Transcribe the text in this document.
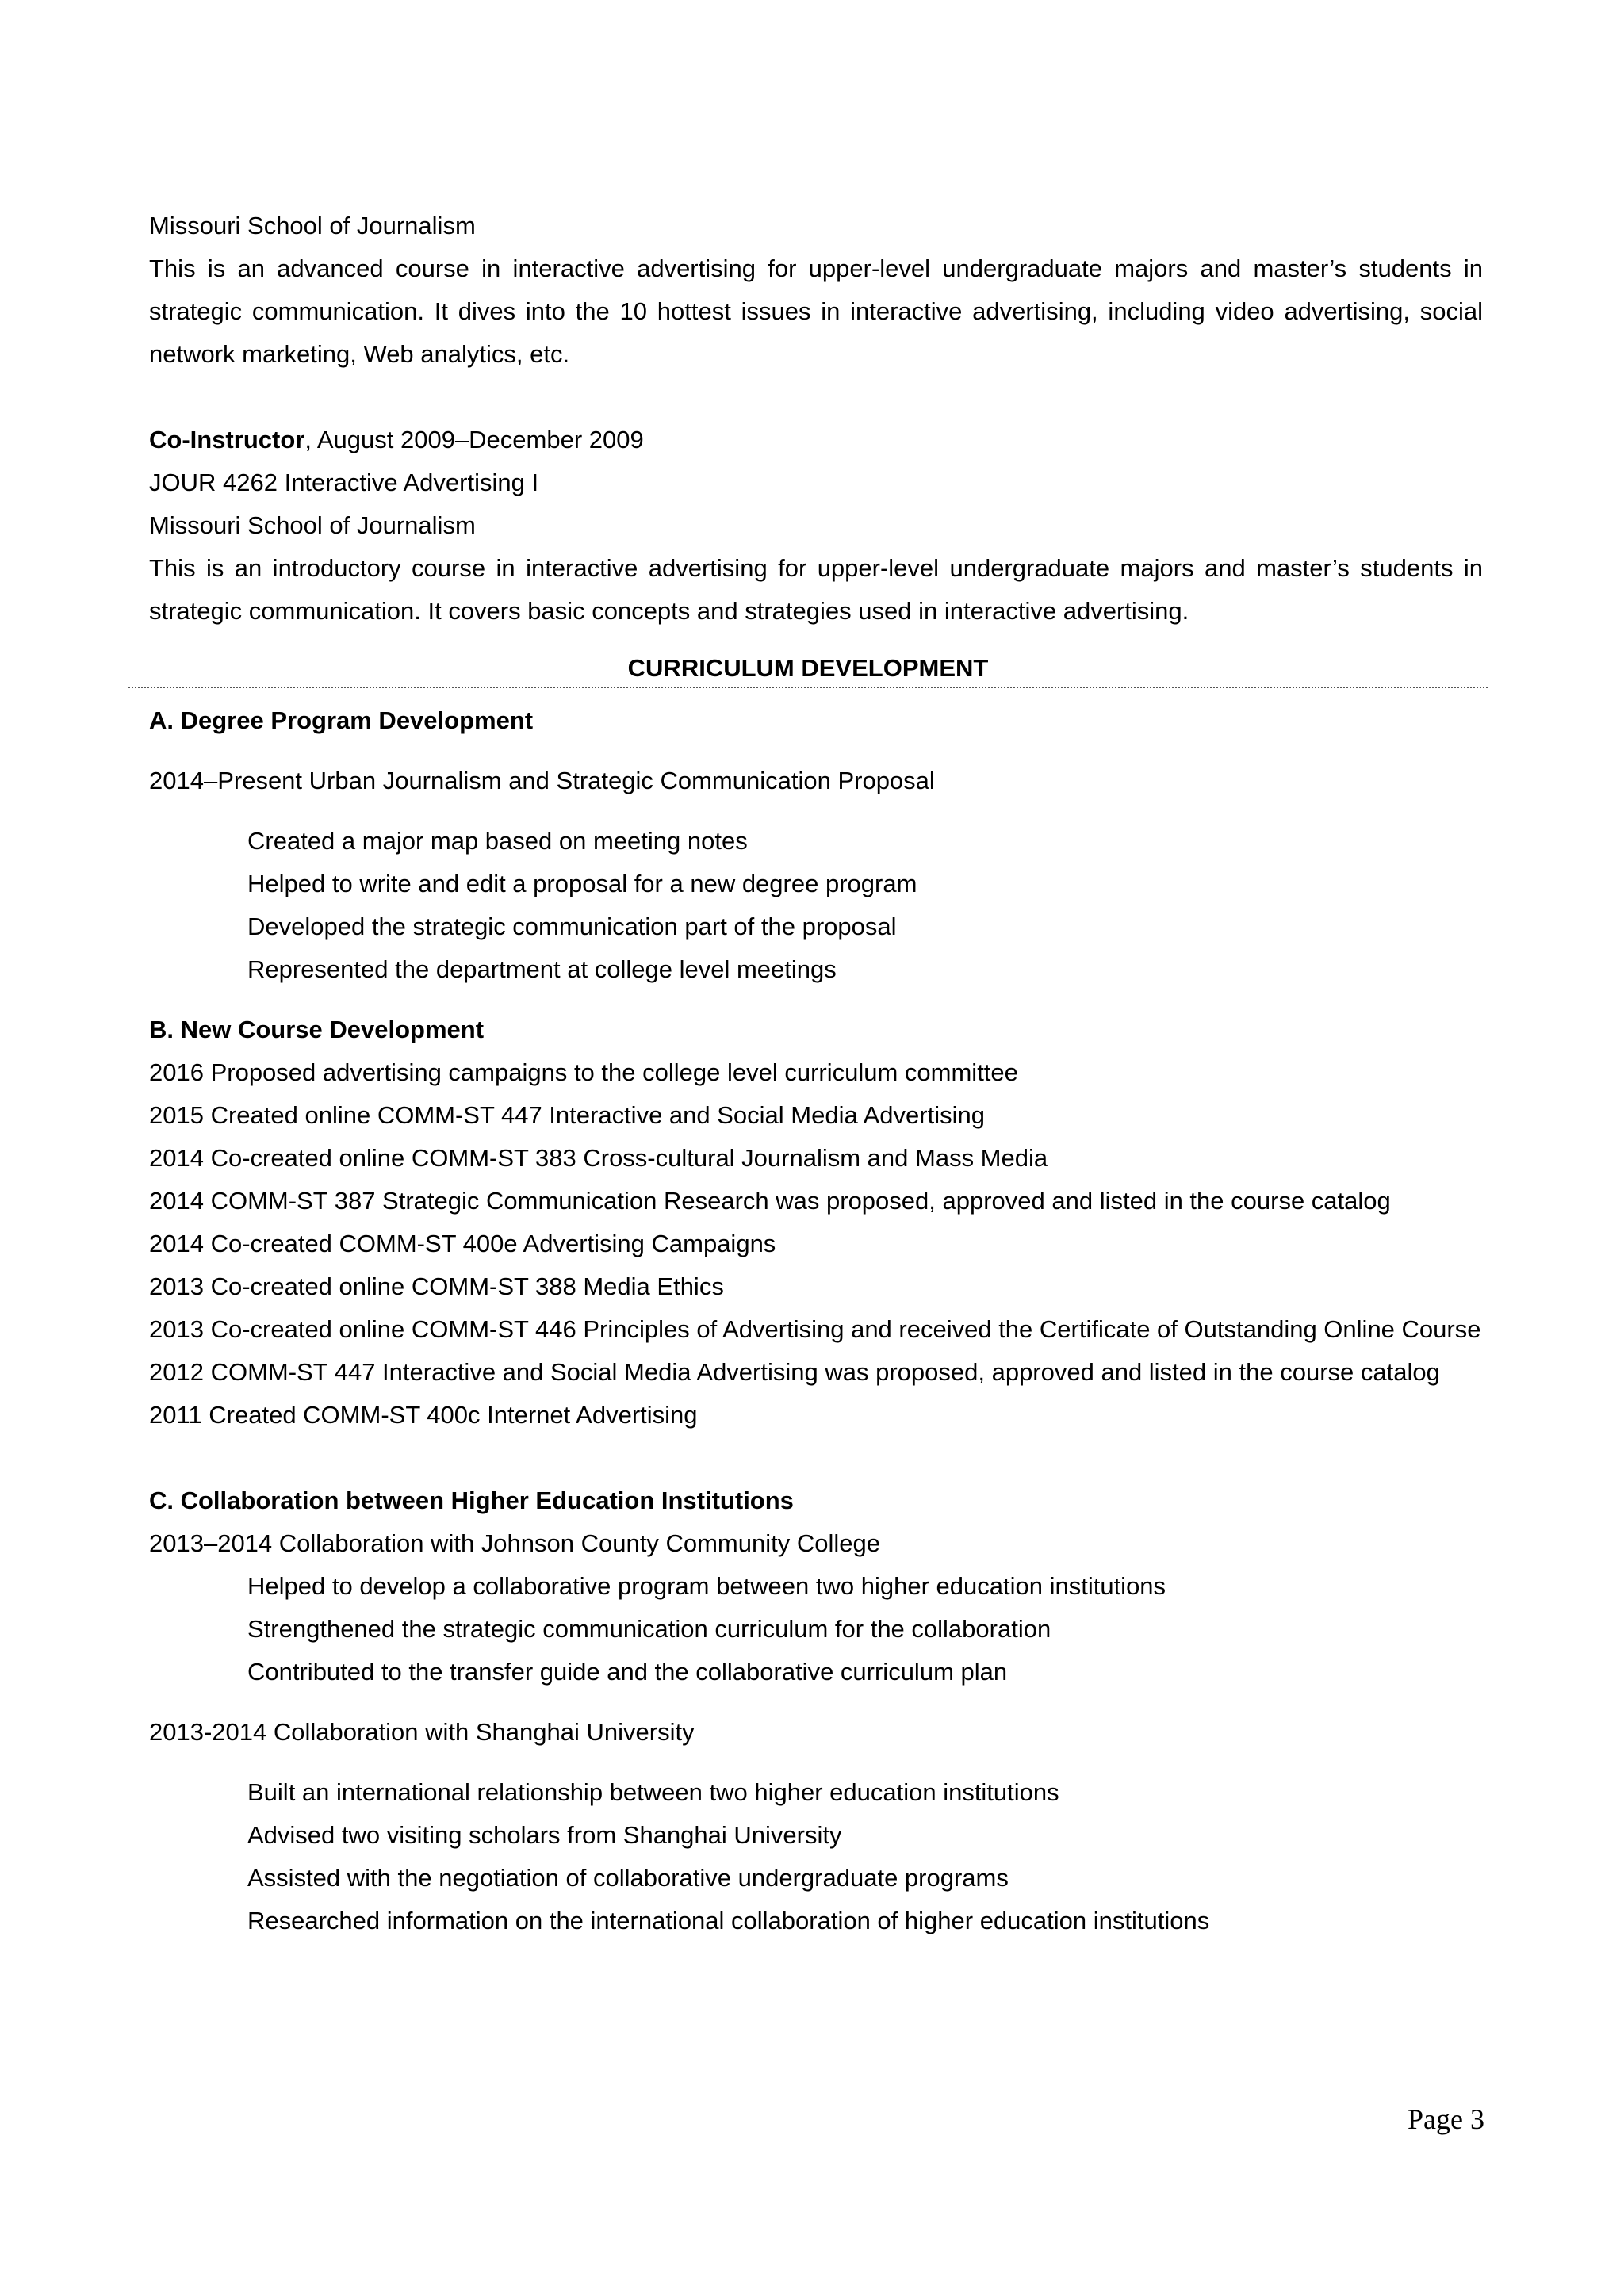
Missouri School of Journalism
This is an advanced course in interactive advertising for upper-level undergraduate majors and master’s students in strategic communication. It dives into the 10 hottest issues in interactive advertising, including video advertising, social network marketing, Web analytics, etc.
Co-Instructor, August 2009–December 2009
JOUR 4262 Interactive Advertising I
Missouri School of Journalism
This is an introductory course in interactive advertising for upper-level undergraduate majors and master’s students in strategic communication. It covers basic concepts and strategies used in interactive advertising.
CURRICULUM DEVELOPMENT
A. Degree Program Development
2014–Present Urban Journalism and Strategic Communication Proposal
Created a major map based on meeting notes
Helped to write and edit a proposal for a new degree program
Developed the strategic communication part of the proposal
Represented the department at college level meetings
B. New Course Development
2016 Proposed advertising campaigns to the college level curriculum committee
2015 Created online COMM-ST 447 Interactive and Social Media Advertising
2014 Co-created online COMM-ST 383 Cross-cultural Journalism and Mass Media
2014 COMM-ST 387 Strategic Communication Research was proposed, approved and listed in the course catalog
2014 Co-created COMM-ST 400e Advertising Campaigns
2013 Co-created online COMM-ST 388 Media Ethics
2013 Co-created online COMM-ST 446 Principles of Advertising and received the Certificate of Outstanding Online Course
2012 COMM-ST 447 Interactive and Social Media Advertising was proposed, approved and listed in the course catalog
2011 Created COMM-ST 400c Internet Advertising
C. Collaboration between Higher Education Institutions
2013–2014 Collaboration with Johnson County Community College
Helped to develop a collaborative program between two higher education institutions
Strengthened the strategic communication curriculum for the collaboration
Contributed to the transfer guide and the collaborative curriculum plan
2013-2014 Collaboration with Shanghai University
Built an international relationship between two higher education institutions
Advised two visiting scholars from Shanghai University
Assisted with the negotiation of collaborative undergraduate programs
Researched information on the international collaboration of higher education institutions
Page 3
